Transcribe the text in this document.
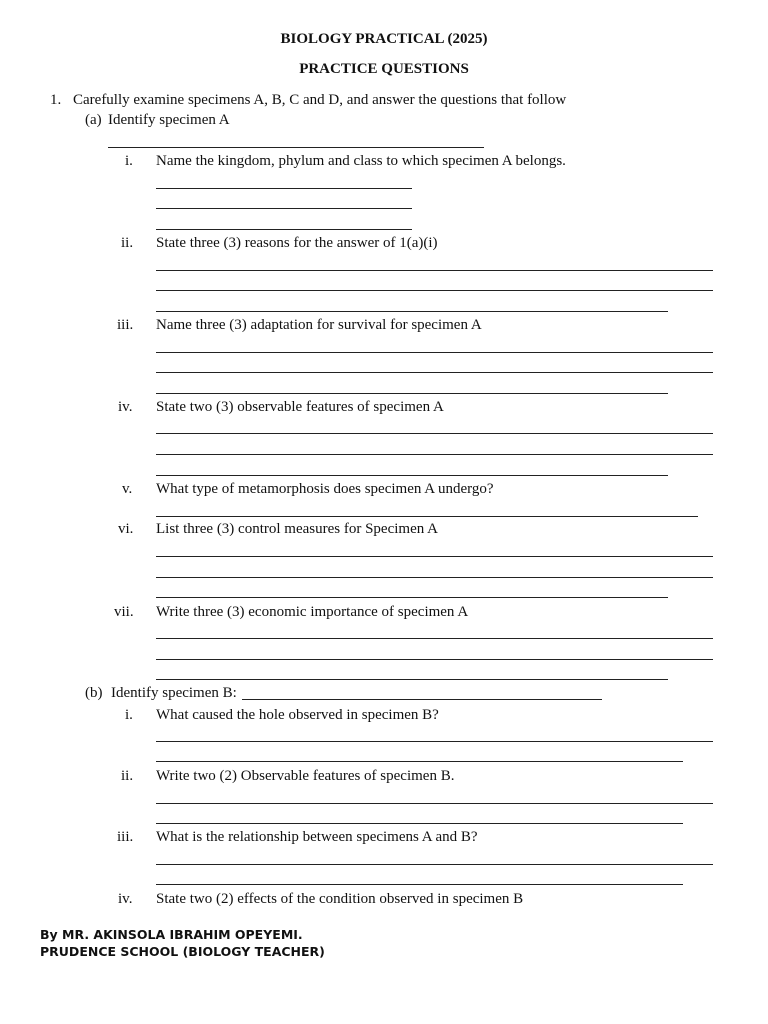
BIOLOGY PRACTICAL (2025)
PRACTICE QUESTIONS
1. Carefully examine specimens A, B, C and D, and answer the questions that follow
(a) Identify specimen A
i. Name the kingdom, phylum and class to which specimen A belongs.
ii. State three (3) reasons for the answer of 1(a)(i)
iii. Name three (3) adaptation for survival for specimen A
iv. State two (3) observable features of specimen A
v. What type of metamorphosis does specimen A undergo?
vi. List three (3) control measures for Specimen A
vii. Write three (3) economic importance of specimen A
(b) Identify specimen B:
i. What caused the hole observed in specimen B?
ii. Write two (2) Observable features of specimen B.
iii. What is the relationship between specimens A and B?
iv. State two (2) effects of the condition observed in specimen B
By MR. AKINSOLA IBRAHIM OPEYEMI.
PRUDENCE SCHOOL (BIOLOGY TEACHER)
